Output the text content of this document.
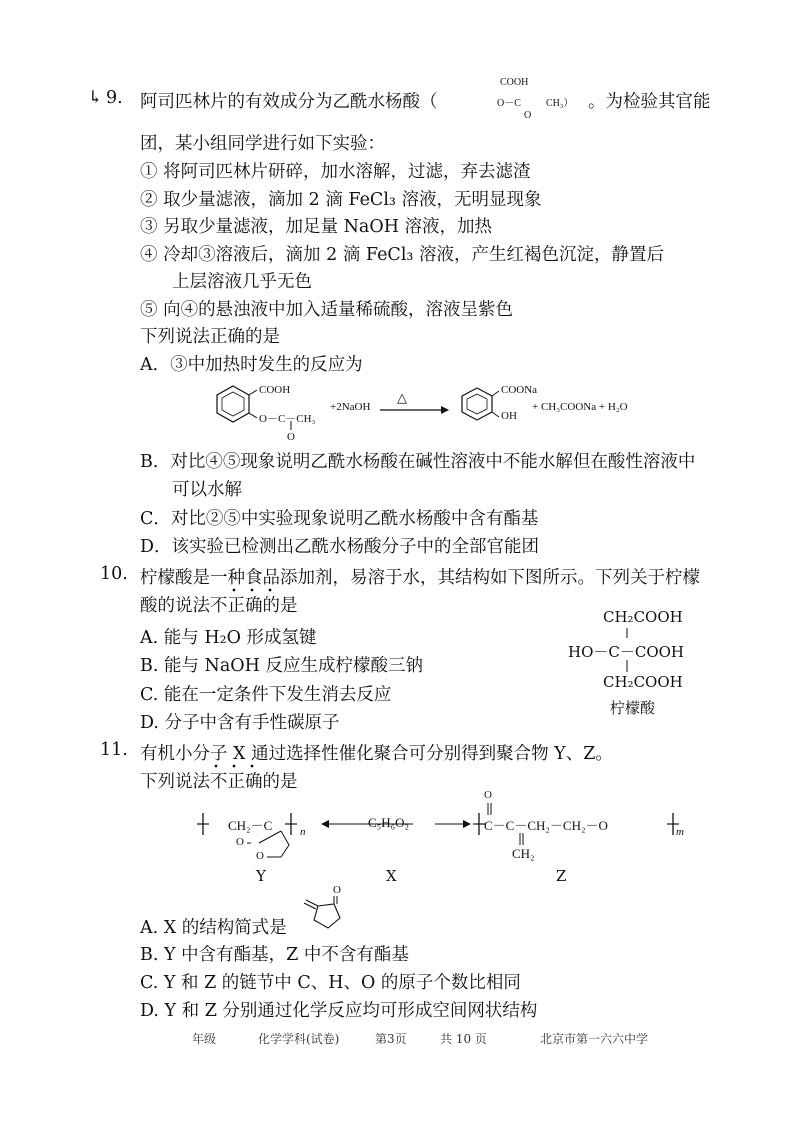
↳ 9. 阿司匹林片的有效成分为乙酰水杨酸（
COOH
O－C	CH₃）
O
。为检验其官能
团，某小组同学进行如下实验：
① 将阿司匹林片研碎，加水溶解，过滤，弃去滤渣
② 取少量滤液，滴加 2 滴 FeCl₃ 溶液，无明显现象
③ 另取少量滤液，加足量 NaOH 溶液，加热
④ 冷却③溶液后，滴加 2 滴 FeCl₃ 溶液，产生红褐色沉淀，静置后
上层溶液几乎无色
⑤ 向④的悬浊液中加入适量稀硫酸，溶液呈紫色
下列说法正确的是
A．③中加热时发生的反应为
COOH
O－C－CH₃
O
+2NaOH
△	COONa
OH
+ CH₃COONa + H₂O
B．对比④⑤现象说明乙酰水杨酸在碱性溶液中不能水解但在酸性溶液中
可以水解
C．对比②⑤中实验现象说明乙酰水杨酸中含有酯基
D．该实验已检测出乙酰水杨酸分子中的全部官能团
10. 柠檬酸是一种食品添加剂，易溶于水，其结构如下图所示。下列关于柠檬
酸的说法不正确的是
A. 能与 H₂O 形成氢键
B. 能与 NaOH 反应生成柠檬酸三钠
C. 能在一定条件下发生消去反应
D. 分子中含有手性碳原子
CH₂COOH
HO－C－COOH
CH₂COOH
柠檬酸
11. 有机小分子 X 通过选择性催化聚合可分别得到聚合物 Y、Z。
下列说法不正确的是
CH₂－C	n
O
O
C₅H₆O₂
O
C－C－CH₂－CH₂－O	m
CH₂
Y	X	Z
A. X 的结构简式是
O
B. Y 中含有酯基，Z 中不含有酯基
C. Y 和 Z 的链节中 C、H、O 的原子个数比相同
D. Y 和 Z 分别通过化学反应均可形成空间网状结构
年级	化学学科(试卷)	第3页	共 10 页	北京市第一六六中学
